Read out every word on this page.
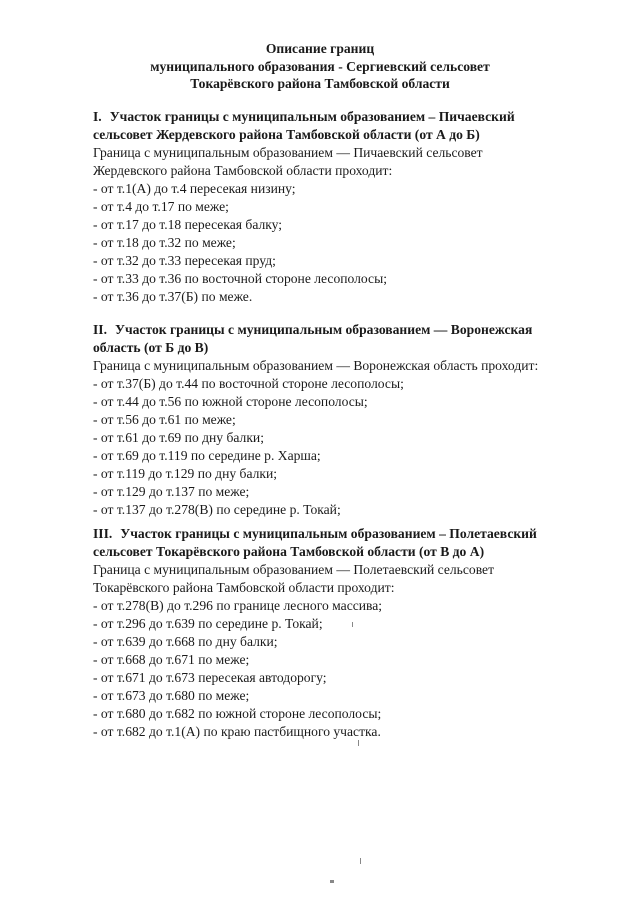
Описание границ
муниципального образования - Сергиевский сельсовет
Токарёвского района Тамбовской области
I. Участок границы с муниципальным образованием – Пичаевский
сельсовет Жердевского района Тамбовской области (от А до Б)
Граница с муниципальным образованием — Пичаевский сельсовет
Жердевского района Тамбовской области проходит:
- от т.1(А) до т.4 пересекая низину;
- от т.4 до т.17 по меже;
- от т.17 до т.18 пересекая балку;
- от т.18 до т.32 по меже;
- от т.32 до т.33 пересекая пруд;
- от т.33 до т.36 по восточной стороне лесополосы;
- от т.36 до т.37(Б) по меже.
II. Участок границы с муниципальным образованием — Воронежская
область (от Б до В)
Граница с муниципальным образованием — Воронежская область проходит:
- от т.37(Б) до т.44 по восточной стороне лесополосы;
- от т.44 до т.56 по южной стороне лесополосы;
- от т.56 до т.61 по меже;
- от т.61 до т.69 по дну балки;
- от т.69 до т.119 по середине р. Харша;
- от т.119 до т.129 по дну балки;
- от т.129 до т.137 по меже;
- от т.137 до т.278(В) по середине р. Токай;
III. Участок границы с муниципальным образованием – Полетаевский
сельсовет Токарёвского района Тамбовской области (от В до А)
Граница с муниципальным образованием — Полетаевский сельсовет
Токарёвского района Тамбовской области проходит:
- от т.278(В) до т.296 по границе лесного массива;
- от т.296 до т.639 по середине р. Токай;
- от т.639 до т.668 по дну балки;
- от т.668 до т.671 по меже;
- от т.671 до т.673 пересекая автодорогу;
- от т.673 до т.680 по меже;
- от т.680 до т.682 по южной стороне лесополосы;
- от т.682 до т.1(А) по краю пастбищного участка.
